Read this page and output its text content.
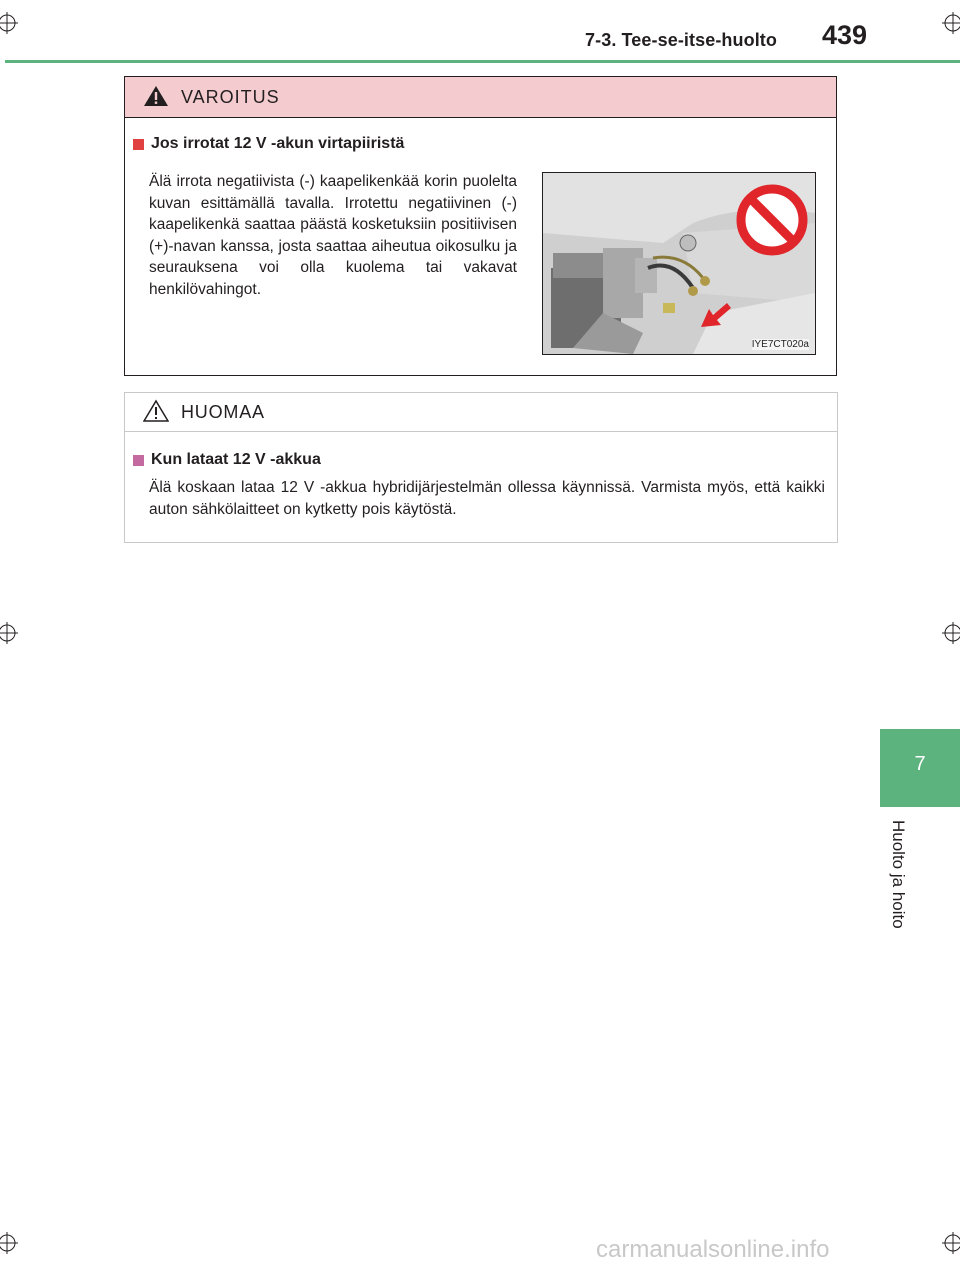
7-3. Tee-se-itse-huolto 439
7
Huolto ja hoito
VAROITUS
Jos irrotat 12 V -akun virtapiiristä
Älä irrota negatiivista (-) kaapelikenkää korin puolelta kuvan esittämällä tavalla. Irrotettu negatiivinen (-) kaapelikenkä saattaa päästä kosketuksiin positiivisen (+)-navan kanssa, josta saattaa aiheutua oikosulku ja seurauksena voi olla kuolema tai vakavat henkilövahingot.
IYE7CT020a
HUOMAA
Kun lataat 12 V -akkua
Älä koskaan lataa 12 V -akkua hybridijärjestelmän ollessa käynnissä. Varmista myös, että kaikki auton sähkölaitteet on kytketty pois käytöstä.
carmanualsonline.info
